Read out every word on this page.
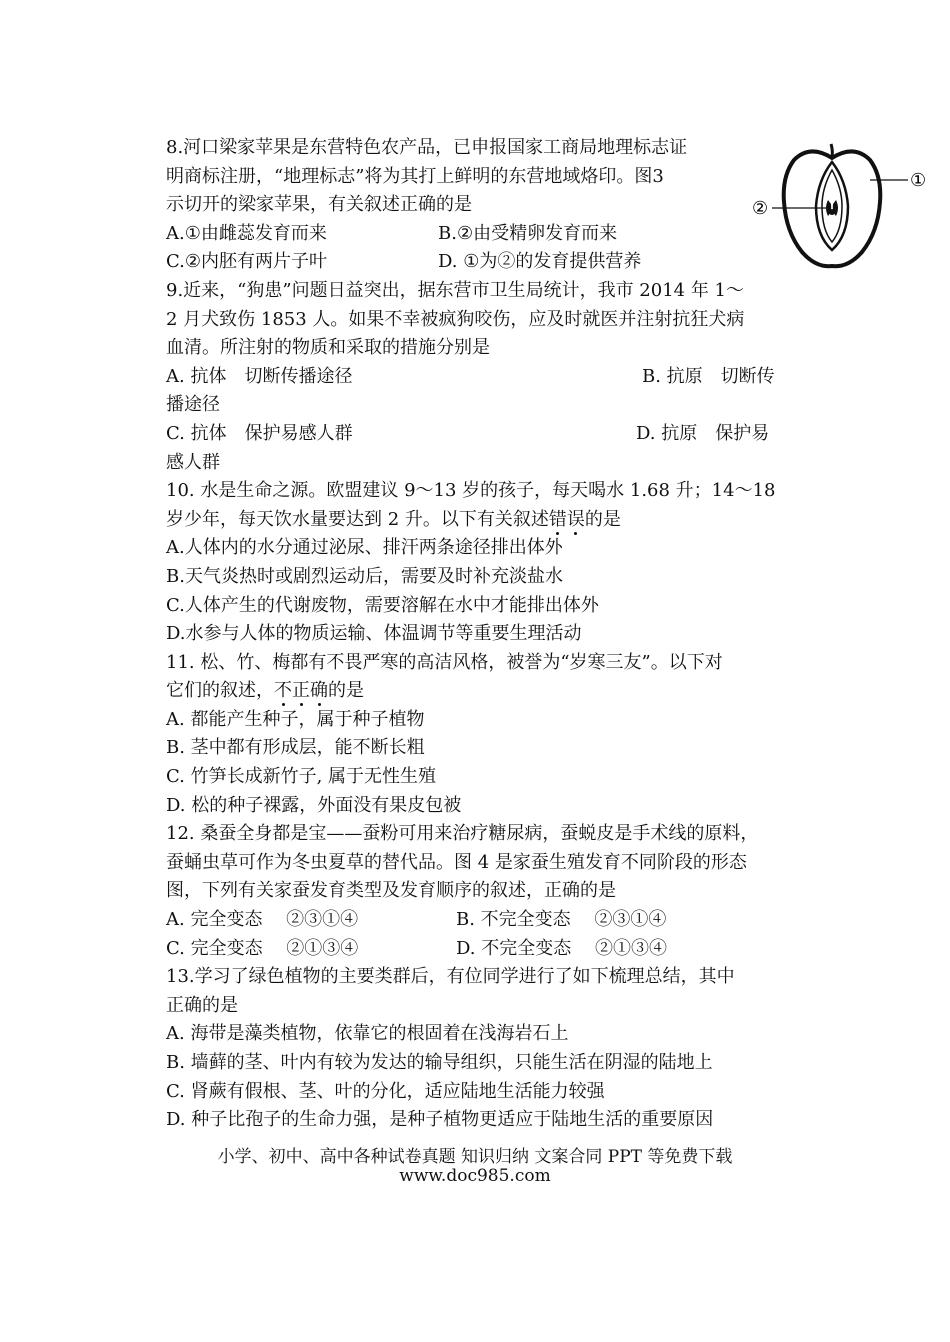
8.河口梁家苹果是东营特色农产品，已申报国家工商局地理标志证
明商标注册，“地理标志”将为其打上鲜明的东营地域烙印。图3
示切开的梁家苹果，有关叙述正确的是
A.①由雌蕊发育而来	B.②由受精卵发育而来
C.②内胚有两片子叶	D. ①为②的发育提供营养
9.近来，“狗患”问题日益突出，据东营市卫生局统计，我市 2014 年 1～
2 月犬致伤 1853 人。如果不幸被疯狗咬伤，应及时就医并注射抗狂犬病
血清。所注射的物质和采取的措施分别是
A. 抗体　切断传播途径	B. 抗原　切断传
播途径
C. 抗体　保护易感人群	D. 抗原　保护易
感人群
10. 水是生命之源。欧盟建议 9～13 岁的孩子，每天喝水 1.68 升；14～18
岁少年，每天饮水量要达到 2 升。以下有关叙述错误的是
A.人体内的水分通过泌尿、排汗两条途径排出体外
B.天气炎热时或剧烈运动后，需要及时补充淡盐水
C.人体产生的代谢废物，需要溶解在水中才能排出体外
D.水参与人体的物质运输、体温调节等重要生理活动
11. 松、竹、梅都有不畏严寒的高洁风格，被誉为“岁寒三友”。以下对
它们的叙述，不正确的是
A. 都能产生种子，属于种子植物
B. 茎中都有形成层，能不断长粗
C. 竹笋长成新竹子, 属于无性生殖
D. 松的种子裸露，外面没有果皮包被
12. 桑蚕全身都是宝——蚕粉可用来治疗糖尿病，蚕蜕皮是手术线的原料，
蚕蛹虫草可作为冬虫夏草的替代品。图 4 是家蚕生殖发育不同阶段的形态
图，下列有关家蚕发育类型及发育顺序的叙述，正确的是
A. 完全变态　 ②③①④	B. 不完全变态　 ②③①④
C. 完全变态　 ②①③④	D. 不完全变态　 ②①③④
13.学习了绿色植物的主要类群后，有位同学进行了如下梳理总结，其中
正确的是
A. 海带是藻类植物，依靠它的根固着在浅海岩石上
B. 墙藓的茎、叶内有较为发达的输导组织，只能生活在阴湿的陆地上
C. 肾蕨有假根、茎、叶的分化，适应陆地生活能力较强
D. 种子比孢子的生命力强，是种子植物更适应于陆地生活的重要原因
①
②
小学、初中、高中各种试卷真题 知识归纳 文案合同 PPT 等免费下载
www.doc985.com
